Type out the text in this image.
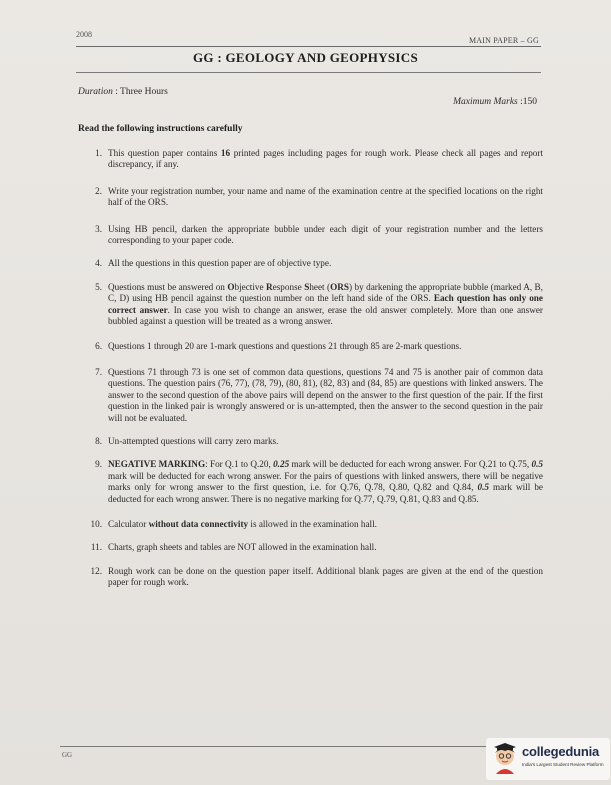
2008
MAIN PAPER – GG
GG : GEOLOGY AND GEOPHYSICS
Duration : Three Hours
Maximum Marks :150
Read the following instructions carefully
1. This question paper contains 16 printed pages including pages for rough work. Please check all pages and report discrepancy, if any.
2. Write your registration number, your name and name of the examination centre at the specified locations on the right half of the ORS.
3. Using HB pencil, darken the appropriate bubble under each digit of your registration number and the letters corresponding to your paper code.
4. All the questions in this question paper are of objective type.
5. Questions must be answered on Objective Response Sheet (ORS) by darkening the appropriate bubble (marked A, B, C, D) using HB pencil against the question number on the left hand side of the ORS. Each question has only one correct answer. In case you wish to change an answer, erase the old answer completely. More than one answer bubbled against a question will be treated as a wrong answer.
6. Questions 1 through 20 are 1-mark questions and questions 21 through 85 are 2-mark questions.
7. Questions 71 through 73 is one set of common data questions, questions 74 and 75 is another pair of common data questions. The question pairs (76, 77), (78, 79), (80, 81), (82, 83) and (84, 85) are questions with linked answers. The answer to the second question of the above pairs will depend on the answer to the first question of the pair. If the first question in the linked pair is wrongly answered or is un-attempted, then the answer to the second question in the pair will not be evaluated.
8. Un-attempted questions will carry zero marks.
9. NEGATIVE MARKING: For Q.1 to Q.20, 0.25 mark will be deducted for each wrong answer. For Q.21 to Q.75, 0.5 mark will be deducted for each wrong answer. For the pairs of questions with linked answers, there will be negative marks only for wrong answer to the first question, i.e. for Q.76, Q.78, Q.80, Q.82 and Q.84, 0.5 mark will be deducted for each wrong answer. There is no negative marking for Q.77, Q.79, Q.81, Q.83 and Q.85.
10. Calculator without data connectivity is allowed in the examination hall.
11. Charts, graph sheets and tables are NOT allowed in the examination hall.
12. Rough work can be done on the question paper itself. Additional blank pages are given at the end of the question paper for rough work.
GG	collegedunia
India's Largest Student Review Platform
